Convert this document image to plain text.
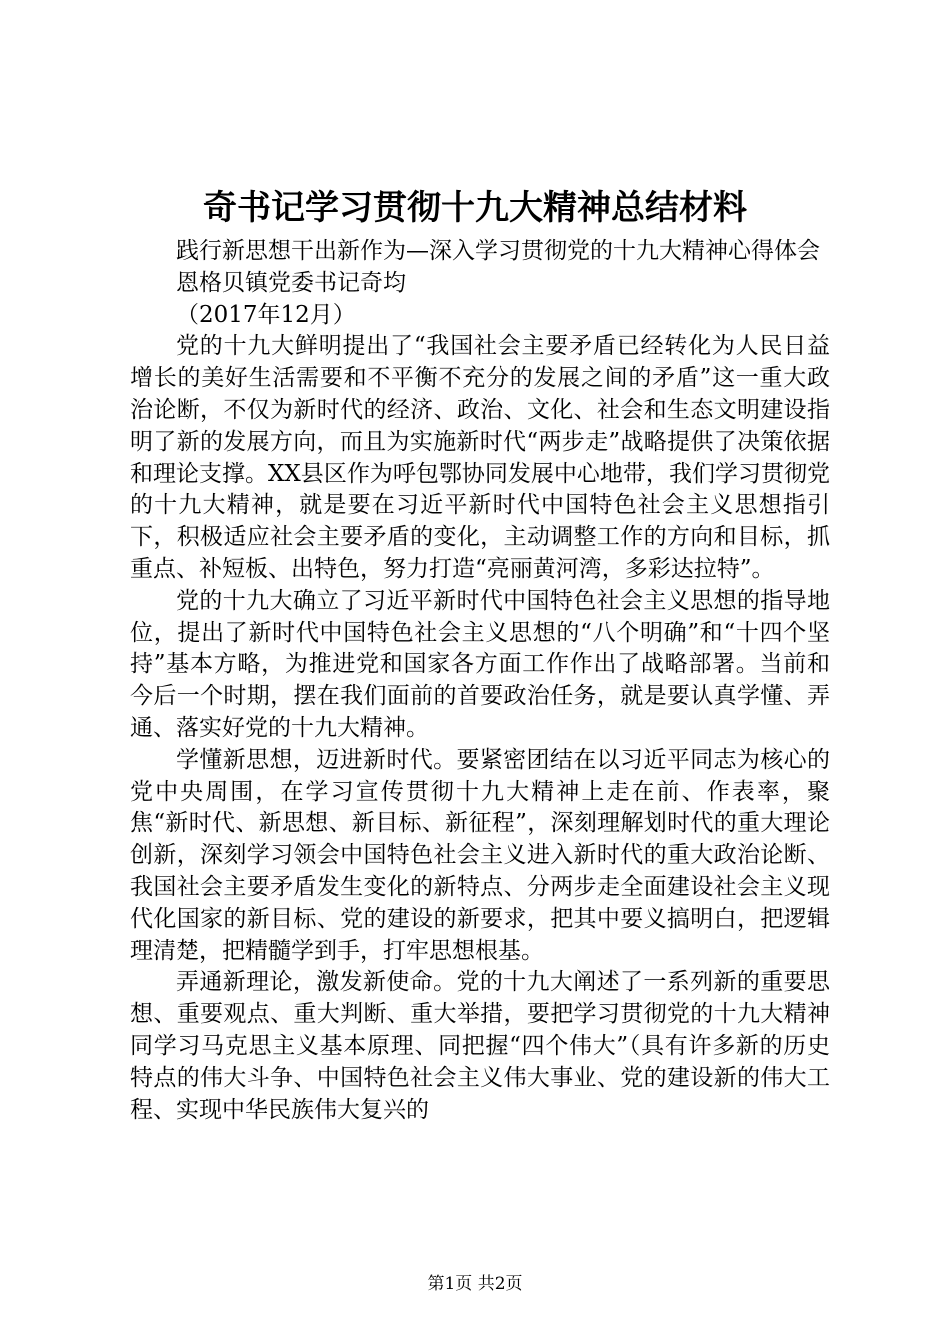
奇书记学习贯彻十九大精神总结材料

践行新思想干出新作为—深入学习贯彻党的十九大精神心得体会

恩格贝镇党委书记奇均

（2017年12月）

党的十九大鲜明提出了“我国社会主要矛盾已经转化为人民日益增长的美好生活需要和不平衡不充分的发展之间的矛盾”这一重大政治论断，不仅为新时代的经济、政治、文化、社会和生态文明建设指明了新的发展方向，而且为实施新时代“两步走”战略提供了决策依据和理论支撑。XX县区作为呼包鄂协同发展中心地带，我们学习贯彻党的十九大精神，就是要在习近平新时代中国特色社会主义思想指引下，积极适应社会主要矛盾的变化，主动调整工作的方向和目标，抓重点、补短板、出特色，努力打造“亮丽黄河湾，多彩达拉特”。

党的十九大确立了习近平新时代中国特色社会主义思想的指导地位，提出了新时代中国特色社会主义思想的“八个明确”和“十四个坚持”基本方略，为推进党和国家各方面工作作出了战略部署。当前和今后一个时期，摆在我们面前的首要政治任务，就是要认真学懂、弄通、落实好党的十九大精神。

学懂新思想，迈进新时代。要紧密团结在以习近平同志为核心的党中央周围，在学习宣传贯彻十九大精神上走在前、作表率，聚焦“新时代、新思想、新目标、新征程”，深刻理解划时代的重大理论创新，深刻学习领会中国特色社会主义进入新时代的重大政治论断、我国社会主要矛盾发生变化的新特点、分两步走全面建设社会主义现代化国家的新目标、党的建设的新要求，把其中要义搞明白，把逻辑理清楚，把精髓学到手，打牢思想根基。

弄通新理论，激发新使命。党的十九大阐述了一系列新的重要思想、重要观点、重大判断、重大举措，要把学习贯彻党的十九大精神同学习马克思主义基本原理、同把握“四个伟大”（具有许多新的历史特点的伟大斗争、中国特色社会主义伟大事业、党的建设新的伟大工程、实现中华民族伟大复兴的

第1页 共2页
